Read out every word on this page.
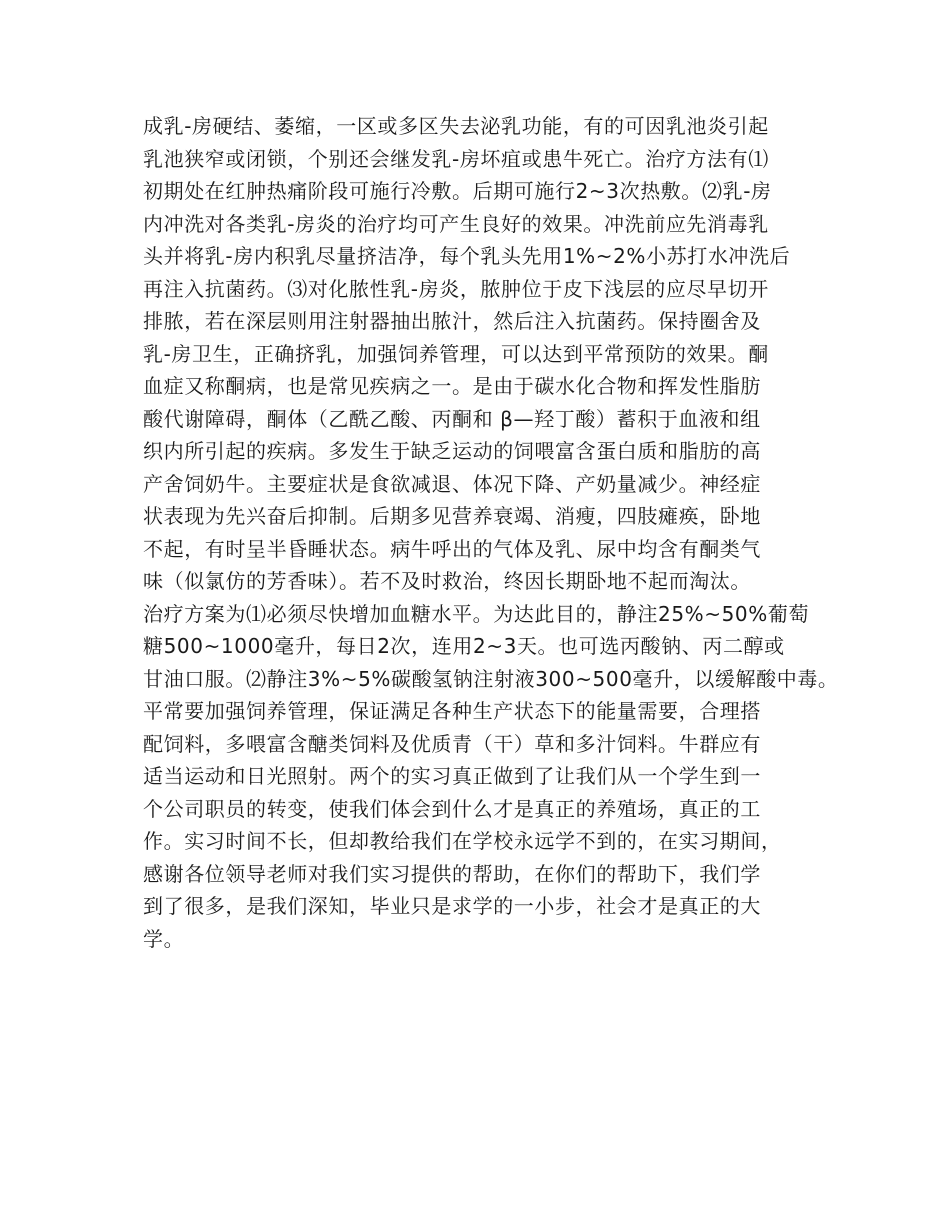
成乳-房硬结、萎缩，一区或多区失去泌乳功能，有的可因乳池炎引起
乳池狭窄或闭锁，个别还会继发乳-房坏疽或患牛死亡。治疗方法有⑴
初期处在红肿热痛阶段可施行冷敷。后期可施行2~3次热敷。⑵乳-房
内冲洗对各类乳-房炎的治疗均可产生良好的效果。冲洗前应先消毒乳
头并将乳-房内积乳尽量挤洁净，每个乳头先用1%~2%小苏打水冲洗后
再注入抗菌药。⑶对化脓性乳-房炎，脓肿位于皮下浅层的应尽早切开
排脓，若在深层则用注射器抽出脓汁，然后注入抗菌药。保持圈舍及
乳-房卫生，正确挤乳，加强饲养管理，可以达到平常预防的效果。酮
血症又称酮病，也是常见疾病之一。是由于碳水化合物和挥发性脂肪
酸代谢障碍，酮体（乙酰乙酸、丙酮和 β—羟丁酸）蓄积于血液和组
织内所引起的疾病。多发生于缺乏运动的饲喂富含蛋白质和脂肪的高
产舍饲奶牛。主要症状是食欲减退、体况下降、产奶量减少。神经症
状表现为先兴奋后抑制。后期多见营养衰竭、消瘦，四肢瘫痪，卧地
不起，有时呈半昏睡状态。病牛呼出的气体及乳、尿中均含有酮类气
味（似氯仿的芳香味）。若不及时救治，终因长期卧地不起而淘汰。
治疗方案为⑴必须尽快增加血糖水平。为达此目的，静注25%~50%葡萄
糖500~1000毫升，每日2次，连用2~3天。也可选丙酸钠、丙二醇或
甘油口服。⑵静注3%~5%碳酸氢钠注射液300~500毫升，以缓解酸中毒。
平常要加强饲养管理，保证满足各种生产状态下的能量需要，合理搭
配饲料，多喂富含醣类饲料及优质青（干）草和多汁饲料。牛群应有
适当运动和日光照射。两个的实习真正做到了让我们从一个学生到一
个公司职员的转变，使我们体会到什么才是真正的养殖场，真正的工
作。实习时间不长，但却教给我们在学校永远学不到的，在实习期间，
感谢各位领导老师对我们实习提供的帮助，在你们的帮助下，我们学
到了很多，是我们深知，毕业只是求学的一小步，社会才是真正的大
学。
